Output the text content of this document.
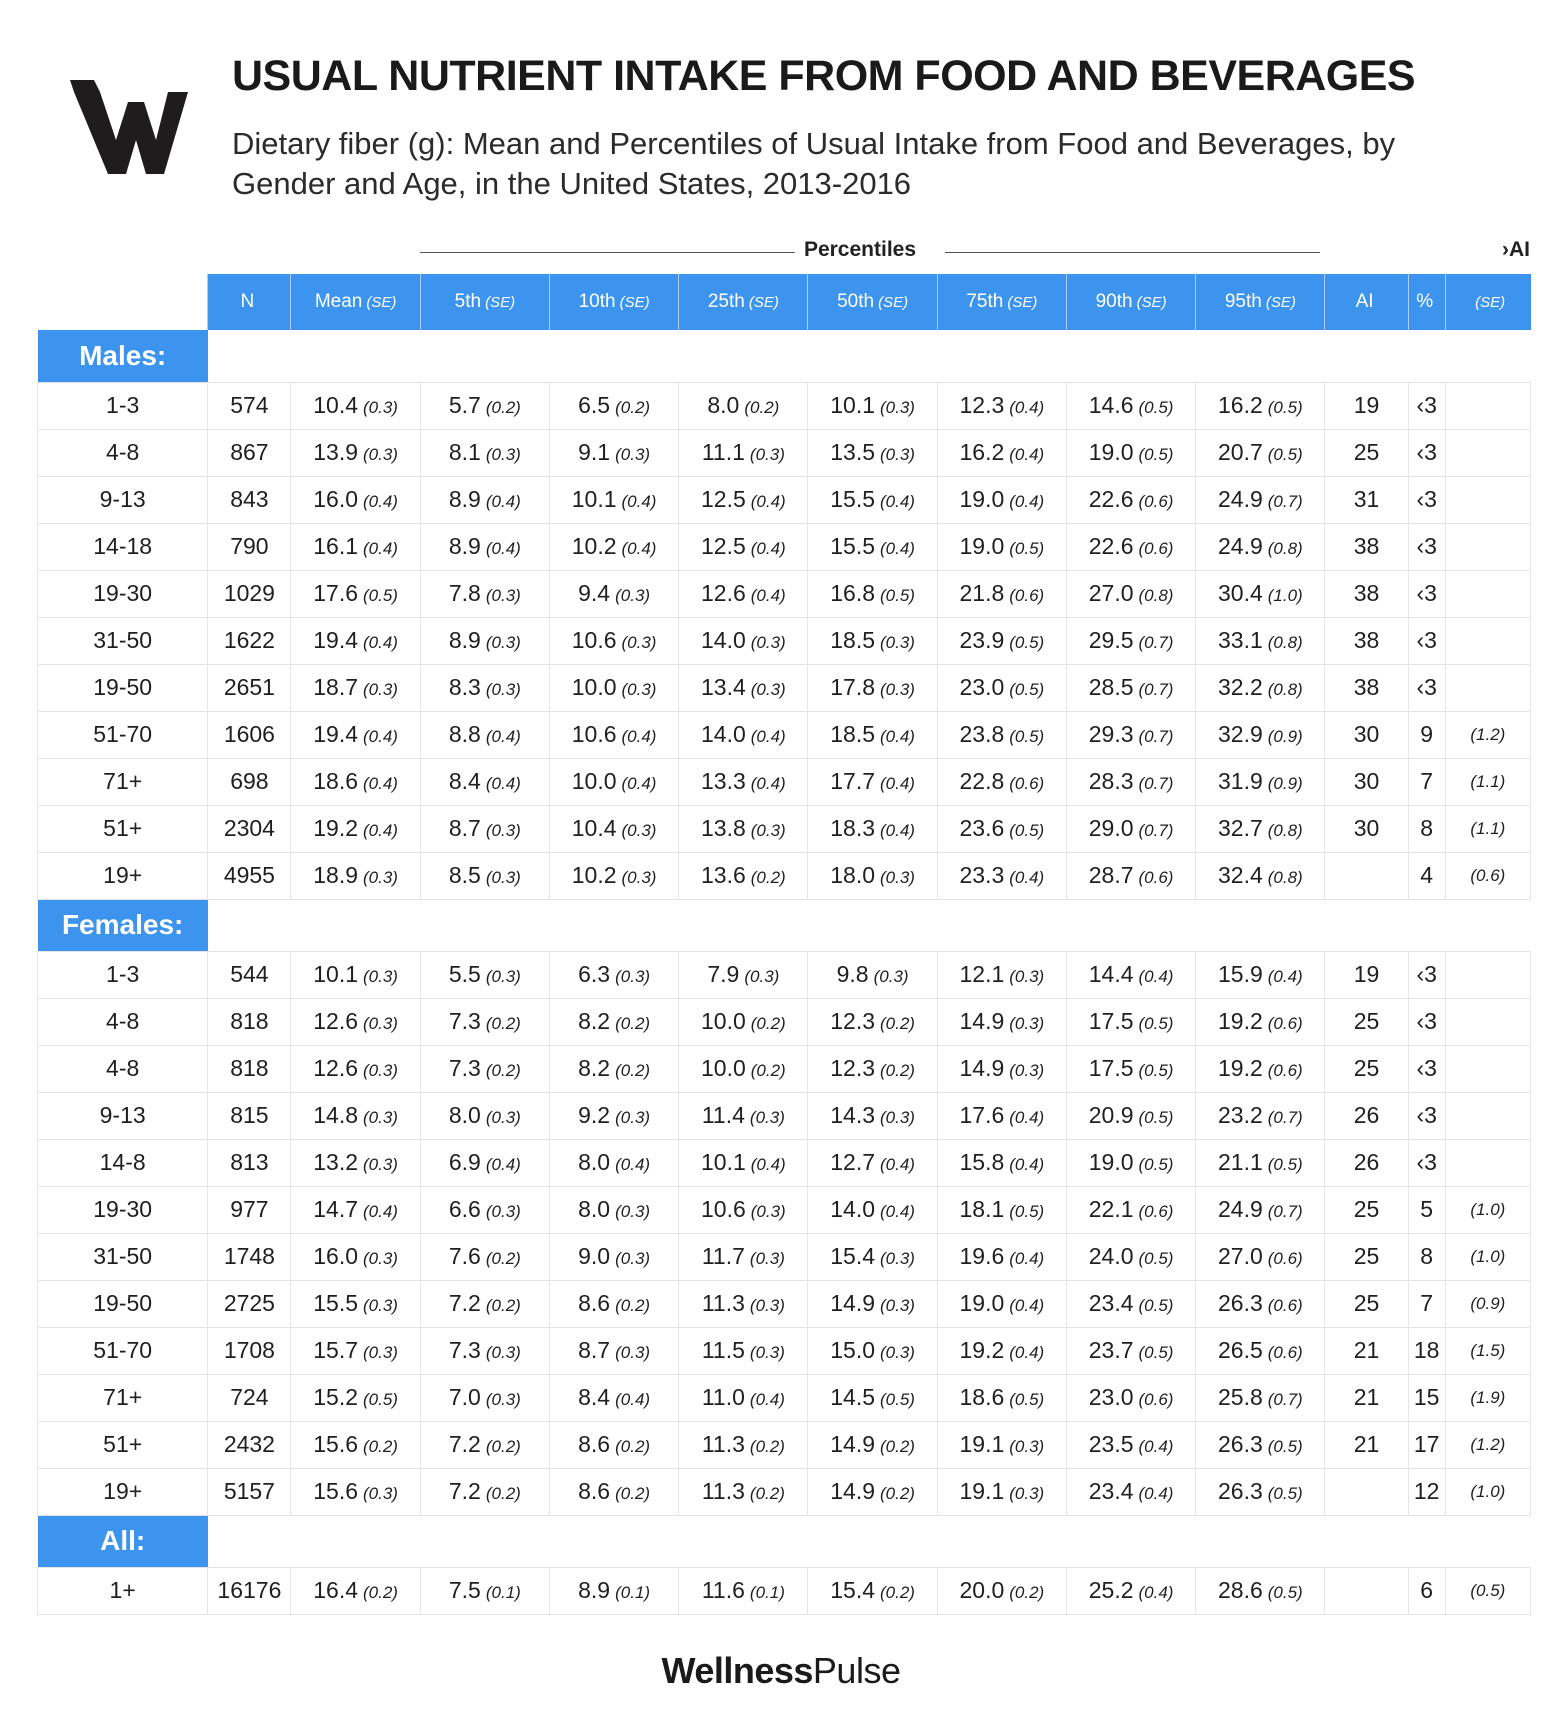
USUAL NUTRIENT INTAKE FROM FOOD AND BEVERAGES
Dietary fiber (g): Mean and Percentiles of Usual Intake from Food and Beverages, by Gender and Age, in the United States, 2013-2016
Percentiles	›AI
	N	Mean (SE)	5th (SE)	10th (SE)	25th (SE)	50th (SE)	75th (SE)	90th (SE)	95th (SE)	AI	%	(SE)
Males:												
1-3	574	10.4 (0.3)	5.7 (0.2)	6.5 (0.2)	8.0 (0.2)	10.1 (0.3)	12.3 (0.4)	14.6 (0.5)	16.2 (0.5)	19	‹3	
4-8	867	13.9 (0.3)	8.1 (0.3)	9.1 (0.3)	11.1 (0.3)	13.5 (0.3)	16.2 (0.4)	19.0 (0.5)	20.7 (0.5)	25	‹3	
9-13	843	16.0 (0.4)	8.9 (0.4)	10.1 (0.4)	12.5 (0.4)	15.5 (0.4)	19.0 (0.4)	22.6 (0.6)	24.9 (0.7)	31	‹3	
14-18	790	16.1 (0.4)	8.9 (0.4)	10.2 (0.4)	12.5 (0.4)	15.5 (0.4)	19.0 (0.5)	22.6 (0.6)	24.9 (0.8)	38	‹3	
19-30	1029	17.6 (0.5)	7.8 (0.3)	9.4 (0.3)	12.6 (0.4)	16.8 (0.5)	21.8 (0.6)	27.0 (0.8)	30.4 (1.0)	38	‹3	
31-50	1622	19.4 (0.4)	8.9 (0.3)	10.6 (0.3)	14.0 (0.3)	18.5 (0.3)	23.9 (0.5)	29.5 (0.7)	33.1 (0.8)	38	‹3	
19-50	2651	18.7 (0.3)	8.3 (0.3)	10.0 (0.3)	13.4 (0.3)	17.8 (0.3)	23.0 (0.5)	28.5 (0.7)	32.2 (0.8)	38	‹3	
51-70	1606	19.4 (0.4)	8.8 (0.4)	10.6 (0.4)	14.0 (0.4)	18.5 (0.4)	23.8 (0.5)	29.3 (0.7)	32.9 (0.9)	30	9	(1.2)
71+	698	18.6 (0.4)	8.4 (0.4)	10.0 (0.4)	13.3 (0.4)	17.7 (0.4)	22.8 (0.6)	28.3 (0.7)	31.9 (0.9)	30	7	(1.1)
51+	2304	19.2 (0.4)	8.7 (0.3)	10.4 (0.3)	13.8 (0.3)	18.3 (0.4)	23.6 (0.5)	29.0 (0.7)	32.7 (0.8)	30	8	(1.1)
19+	4955	18.9 (0.3)	8.5 (0.3)	10.2 (0.3)	13.6 (0.2)	18.0 (0.3)	23.3 (0.4)	28.7 (0.6)	32.4 (0.8)		4	(0.6)
Females:												
1-3	544	10.1 (0.3)	5.5 (0.3)	6.3 (0.3)	7.9 (0.3)	9.8 (0.3)	12.1 (0.3)	14.4 (0.4)	15.9 (0.4)	19	‹3	
4-8	818	12.6 (0.3)	7.3 (0.2)	8.2 (0.2)	10.0 (0.2)	12.3 (0.2)	14.9 (0.3)	17.5 (0.5)	19.2 (0.6)	25	‹3	
4-8	818	12.6 (0.3)	7.3 (0.2)	8.2 (0.2)	10.0 (0.2)	12.3 (0.2)	14.9 (0.3)	17.5 (0.5)	19.2 (0.6)	25	‹3	
9-13	815	14.8 (0.3)	8.0 (0.3)	9.2 (0.3)	11.4 (0.3)	14.3 (0.3)	17.6 (0.4)	20.9 (0.5)	23.2 (0.7)	26	‹3	
14-8	813	13.2 (0.3)	6.9 (0.4)	8.0 (0.4)	10.1 (0.4)	12.7 (0.4)	15.8 (0.4)	19.0 (0.5)	21.1 (0.5)	26	‹3	
19-30	977	14.7 (0.4)	6.6 (0.3)	8.0 (0.3)	10.6 (0.3)	14.0 (0.4)	18.1 (0.5)	22.1 (0.6)	24.9 (0.7)	25	5	(1.0)
31-50	1748	16.0 (0.3)	7.6 (0.2)	9.0 (0.3)	11.7 (0.3)	15.4 (0.3)	19.6 (0.4)	24.0 (0.5)	27.0 (0.6)	25	8	(1.0)
19-50	2725	15.5 (0.3)	7.2 (0.2)	8.6 (0.2)	11.3 (0.3)	14.9 (0.3)	19.0 (0.4)	23.4 (0.5)	26.3 (0.6)	25	7	(0.9)
51-70	1708	15.7 (0.3)	7.3 (0.3)	8.7 (0.3)	11.5 (0.3)	15.0 (0.3)	19.2 (0.4)	23.7 (0.5)	26.5 (0.6)	21	18	(1.5)
71+	724	15.2 (0.5)	7.0 (0.3)	8.4 (0.4)	11.0 (0.4)	14.5 (0.5)	18.6 (0.5)	23.0 (0.6)	25.8 (0.7)	21	15	(1.9)
51+	2432	15.6 (0.2)	7.2 (0.2)	8.6 (0.2)	11.3 (0.2)	14.9 (0.2)	19.1 (0.3)	23.5 (0.4)	26.3 (0.5)	21	17	(1.2)
19+	5157	15.6 (0.3)	7.2 (0.2)	8.6 (0.2)	11.3 (0.2)	14.9 (0.2)	19.1 (0.3)	23.4 (0.4)	26.3 (0.5)		12	(1.0)
All:												
1+	16176	16.4 (0.2)	7.5 (0.1)	8.9 (0.1)	11.6 (0.1)	15.4 (0.2)	20.0 (0.2)	25.2 (0.4)	28.6 (0.5)		6	(0.5)
WellnessPulse
